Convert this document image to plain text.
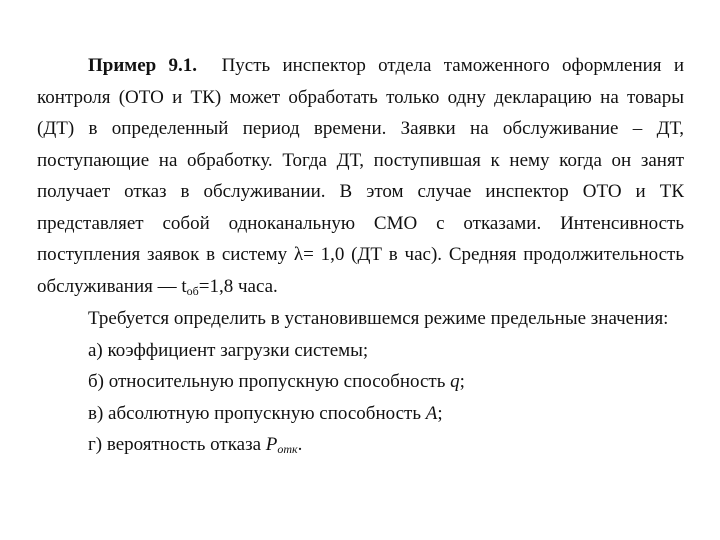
Пример 9.1. Пусть инспектор отдела таможенного оформления и контроля (ОТО и ТК) может обработать только одну декларацию на товары (ДТ) в определенный период времени. Заявки на обслуживание – ДТ, поступающие на обработку. Тогда ДТ, поступившая к нему когда он занят получает отказ в обслуживании. В этом случае инспектор ОТО и ТК представляет собой одноканальную СМО с отказами. Интенсивность поступления заявок в систему λ= 1,0 (ДТ в час). Средняя продолжительность обслуживания — $t_{об}=1,8$ часа.

Требуется определить в установившемся режиме предельные значения:

а) коэффициент загрузки системы;
б) относительную пропускную способность q;
в) абсолютную пропускную способность A;
г) вероятность отказа $P_{отк}$.
